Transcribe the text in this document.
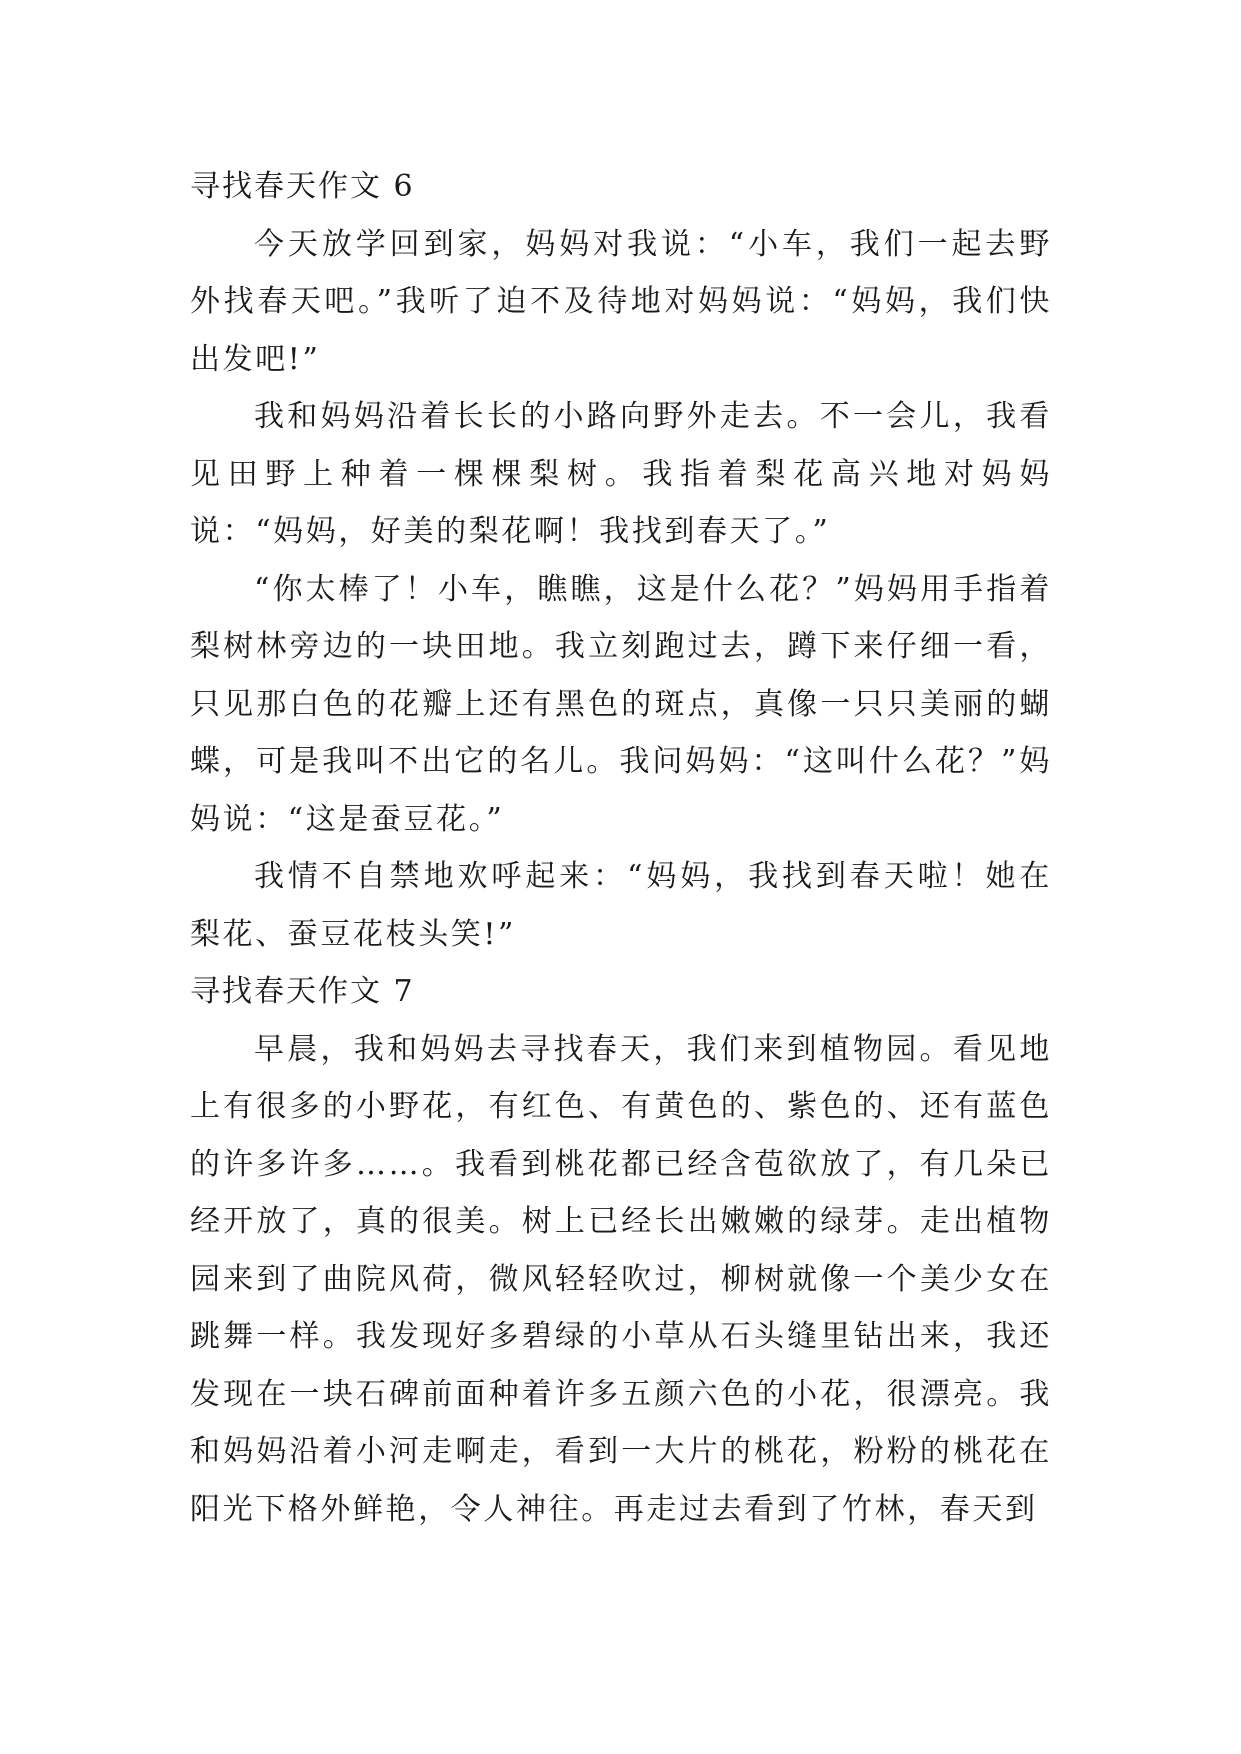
寻找春天作文 6

今天放学回到家，妈妈对我说：“小车，我们一起去野外找春天吧。”我听了迫不及待地对妈妈说：“妈妈，我们快出发吧!”

我和妈妈沿着长长的小路向野外走去。不一会儿，我看见田野上种着一棵棵梨树。我指着梨花高兴地对妈妈说：“妈妈，好美的梨花啊！我找到春天了。”

“你太棒了！小车，瞧瞧，这是什么花？”妈妈用手指着梨树林旁边的一块田地。我立刻跑过去，蹲下来仔细一看，只见那白色的花瓣上还有黑色的斑点，真像一只只美丽的蝴蝶，可是我叫不出它的名儿。我问妈妈：“这叫什么花？”妈妈说：“这是蚕豆花。”

我情不自禁地欢呼起来：“妈妈，我找到春天啦！她在梨花、蚕豆花枝头笑!”

寻找春天作文 7

早晨，我和妈妈去寻找春天，我们来到植物园。看见地上有很多的小野花，有红色、有黄色的、紫色的、还有蓝色的许多许多……。我看到桃花都已经含苞欲放了，有几朵已经开放了，真的很美。树上已经长出嫩嫩的绿芽。走出植物园来到了曲院风荷，微风轻轻吹过，柳树就像一个美少女在跳舞一样。我发现好多碧绿的小草从石头缝里钻出来，我还发现在一块石碑前面种着许多五颜六色的小花，很漂亮。我和妈妈沿着小河走啊走，看到一大片的桃花，粉粉的桃花在阳光下格外鲜艳，令人神往。再走过去看到了竹林，春天到
